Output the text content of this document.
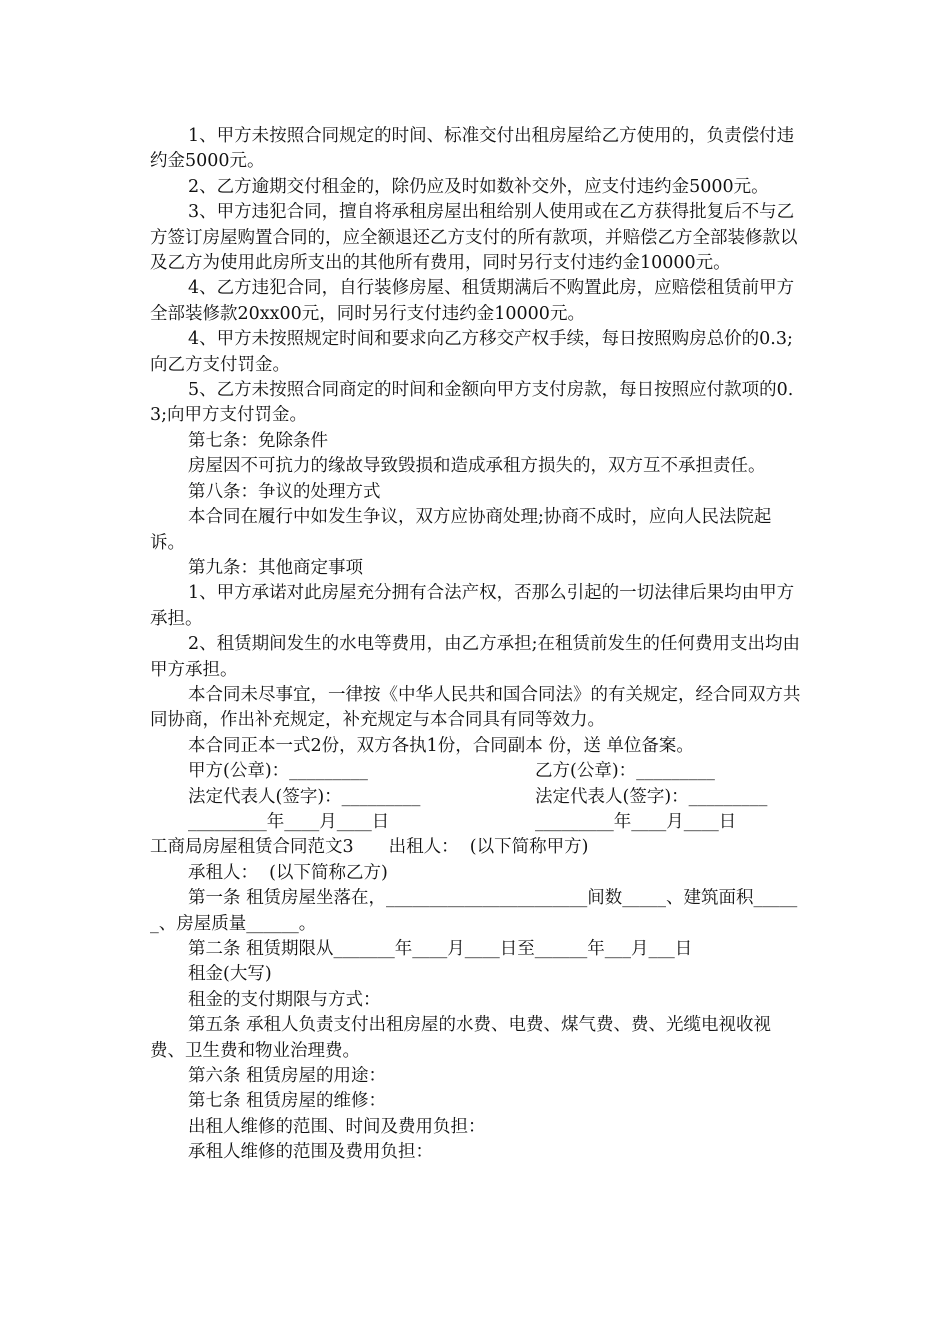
1、甲方未按照合同规定的时间、标准交付出租房屋给乙方使用的，负责偿付违约金5000元。

2、乙方逾期交付租金的，除仍应及时如数补交外，应支付违约金5000元。

3、甲方违犯合同，擅自将承租房屋出租给别人使用或在乙方获得批复后不与乙方签订房屋购置合同的，应全额退还乙方支付的所有款项，并赔偿乙方全部装修款以及乙方为使用此房所支出的其他所有费用，同时另行支付违约金10000元。

4、乙方违犯合同，自行装修房屋、租赁期满后不购置此房，应赔偿租赁前甲方全部装修款20xx00元，同时另行支付违约金10000元。

4、甲方未按照规定时间和要求向乙方移交产权手续，每日按照购房总价的0.3;向乙方支付罚金。

5、乙方未按照合同商定的时间和金额向甲方支付房款，每日按照应付款项的0.3;向甲方支付罚金。

第七条：免除条件

房屋因不可抗力的缘故导致毁损和造成承租方损失的，双方互不承担责任。

第八条：争议的处理方式

本合同在履行中如发生争议，双方应协商处理;协商不成时，应向人民法院起诉。

第九条：其他商定事项

1、甲方承诺对此房屋充分拥有合法产权，否那么引起的一切法律后果均由甲方承担。

2、租赁期间发生的水电等费用，由乙方承担;在租赁前发生的任何费用支出均由甲方承担。

本合同未尽事宜，一律按《中华人民共和国合同法》的有关规定，经合同双方共同协商，作出补充规定，补充规定与本合同具有同等效力。

本合同正本一式2份，双方各执1份，合同副本 份，送 单位备案。

甲方(公章)：_________	乙方(公章)：_________
法定代表人(签字)：_________	法定代表人(签字)：_________
_________年____月____日	_________年____月____日

工商局房屋租赁合同范文3　　出租人：  (以下简称甲方)

承租人：  (以下简称乙方)

第一条 租赁房屋坐落在，_______________________间数_____、建筑面积______、房屋质量______。

第二条 租赁期限从_______年____月____日至______年___月___日

租金(大写)

租金的支付期限与方式：

第五条 承租人负责支付出租房屋的水费、电费、煤气费、费、光缆电视收视费、卫生费和物业治理费。

第六条 租赁房屋的用途：

第七条 租赁房屋的维修：

出租人维修的范围、时间及费用负担：

承租人维修的范围及费用负担：
